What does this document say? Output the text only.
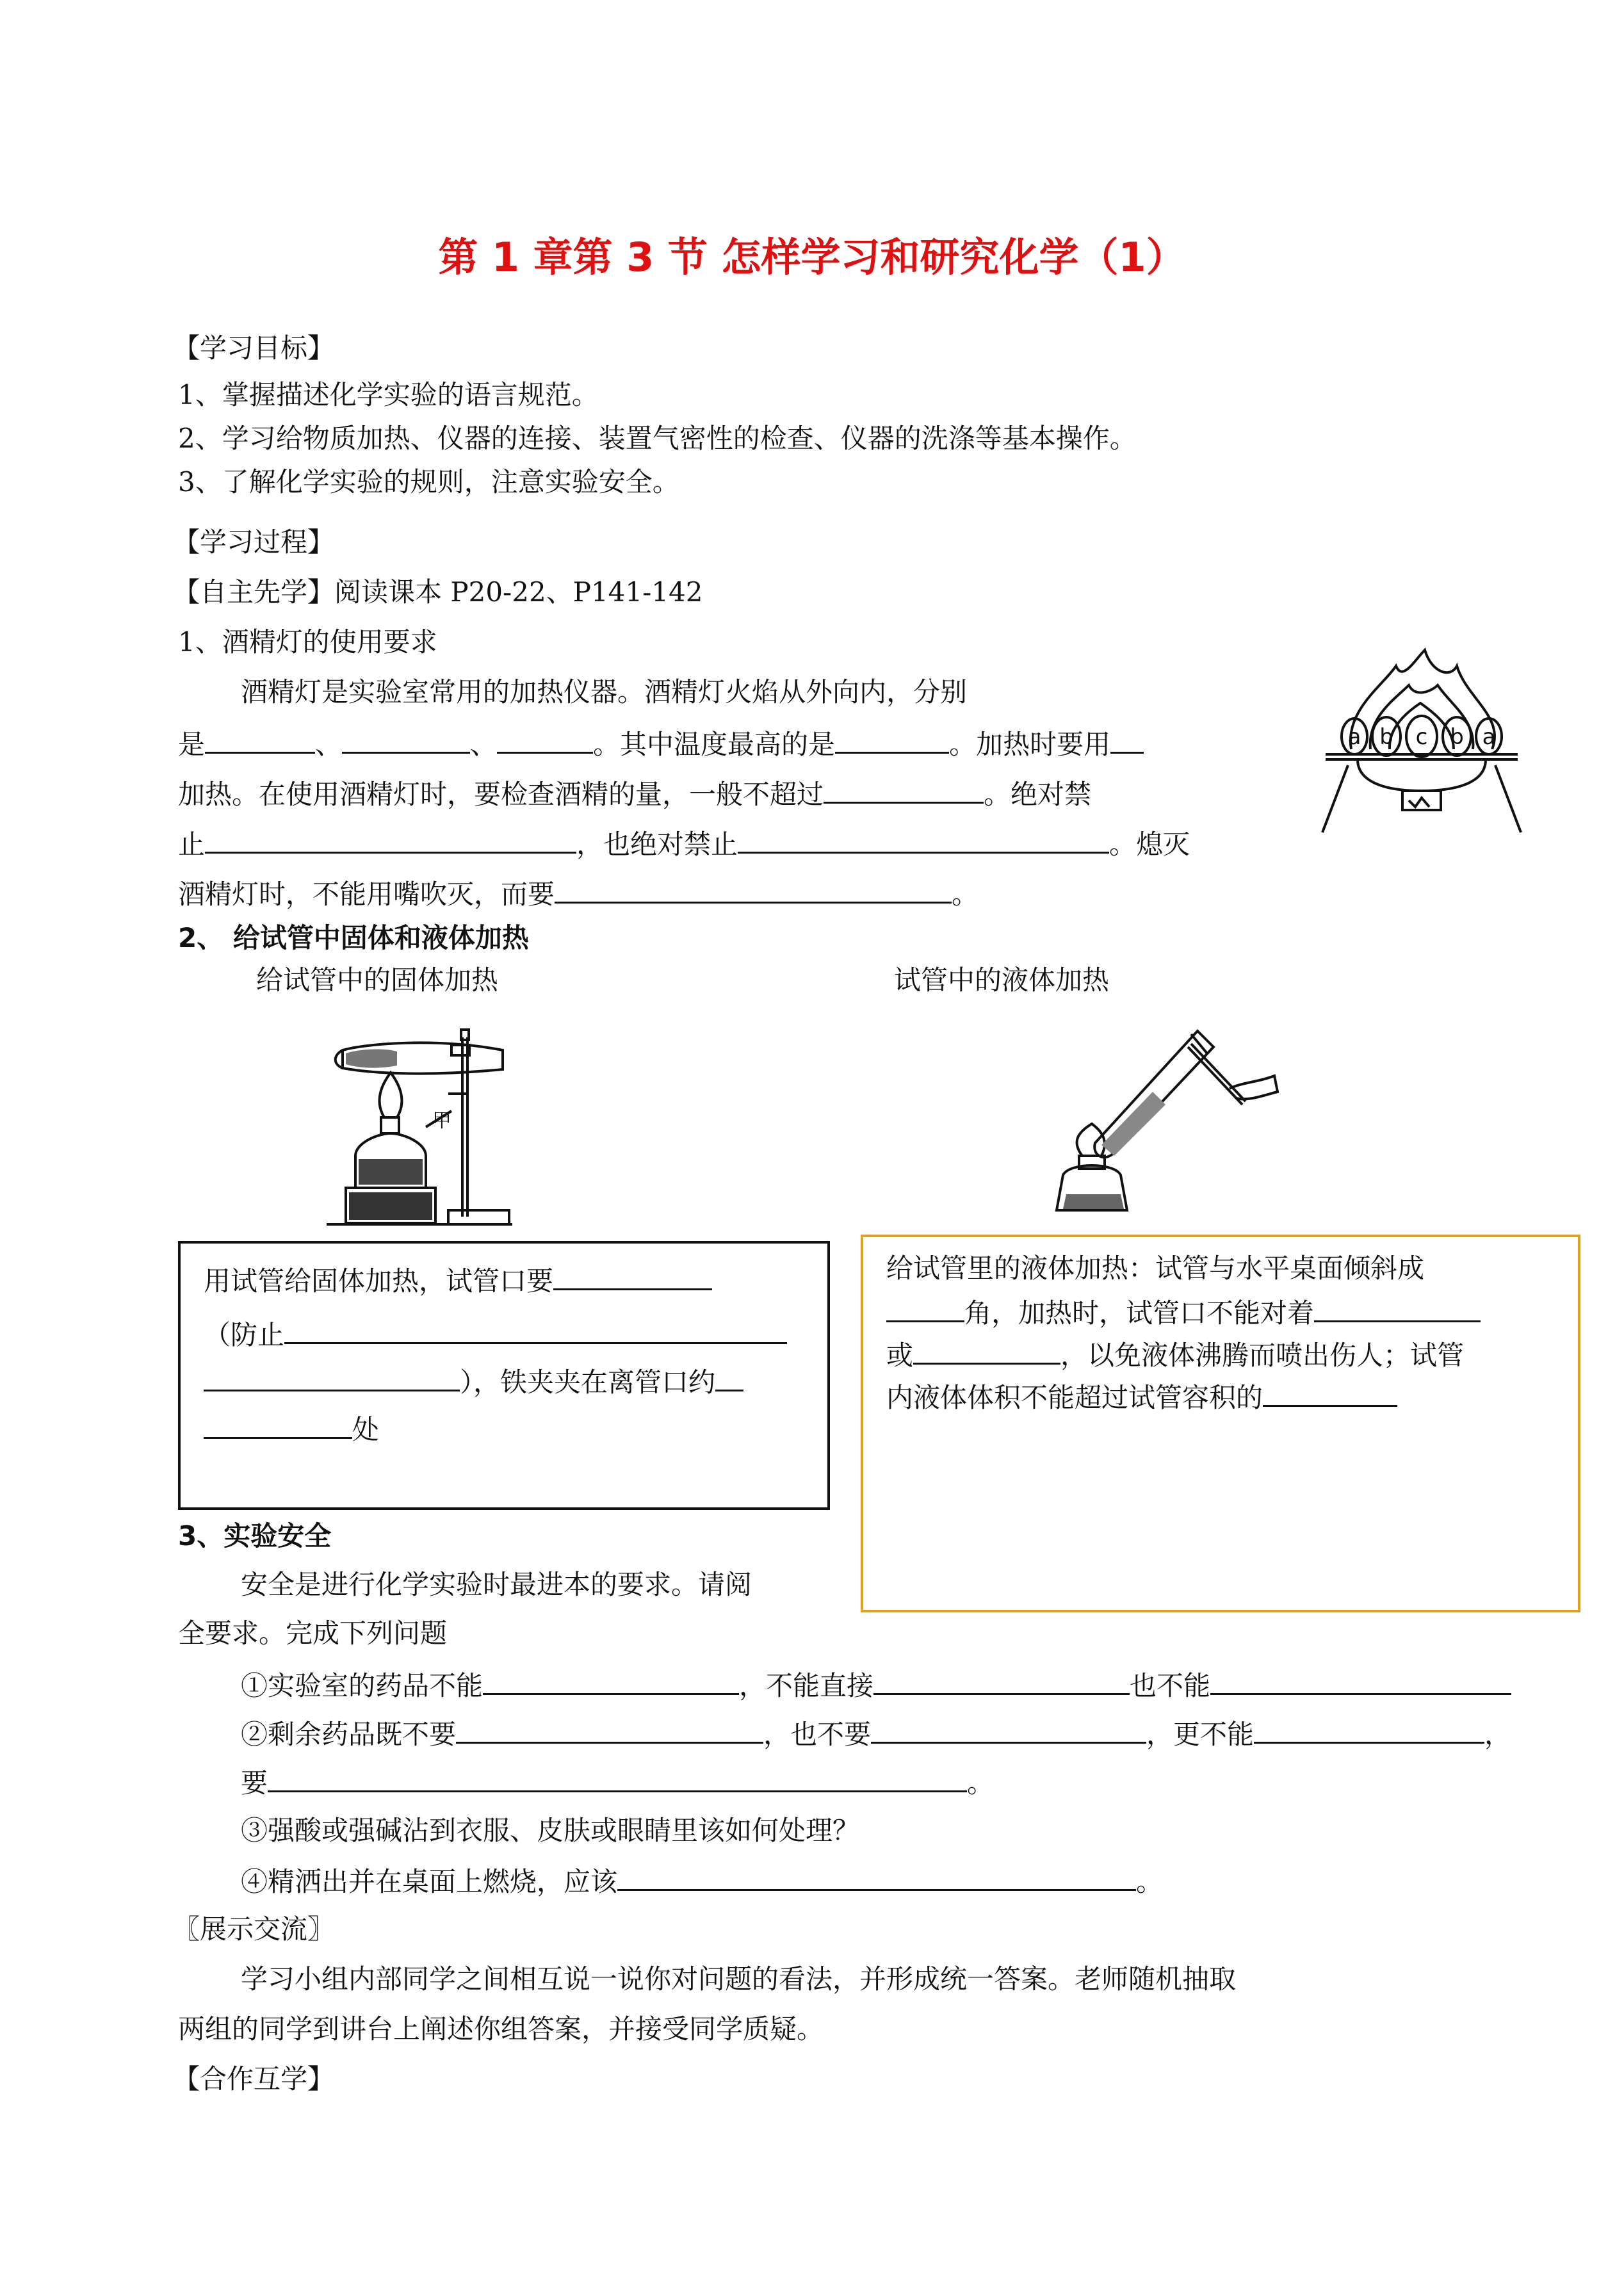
第 1 章第 3 节 怎样学习和研究化学（1）
【学习目标】
1、掌握描述化学实验的语言规范。
2、学习给物质加热、仪器的连接、装置气密性的检查、仪器的洗涤等基本操作。
3、了解化学实验的规则，注意实验安全。
【学习过程】
【自主先学】阅读课本 P20-22、P141-142
1、酒精灯的使用要求
酒精灯是实验室常用的加热仪器。酒精灯火焰从外向内，分别
是	、	、	。其中温度最高的是	。加热时要用
加热。在使用酒精灯时，要检查酒精的量，一般不超过	。绝对禁
止	，也绝对禁止	。熄灭
酒精灯时，不能用嘴吹灭，而要	。
a b c b a
2、 给试管中固体和液体加热
给试管中的固体加热	试管中的液体加热
甲
用试管给固体加热，试管口要
（防止
），铁夹夹在离管口约
处
给试管里的液体加热：试管与水平桌面倾斜成
角，加热时，试管口不能对着
或	，以免液体沸腾而喷出伤人；试管
内液体体积不能超过试管容积的
3、实验安全
安全是进行化学实验时最进本的要求。请阅
全要求。完成下列问题
①实验室的药品不能	，不能直接	也不能
②剩余药品既不要	，也不要	，更不能	，
要	。
③强酸或强碱沾到衣服、皮肤或眼睛里该如何处理？
④精洒出并在桌面上燃烧，应该	。
〖展示交流〗
学习小组内部同学之间相互说一说你对问题的看法，并形成统一答案。老师随机抽取
两组的同学到讲台上阐述你组答案，并接受同学质疑。
【合作互学】
